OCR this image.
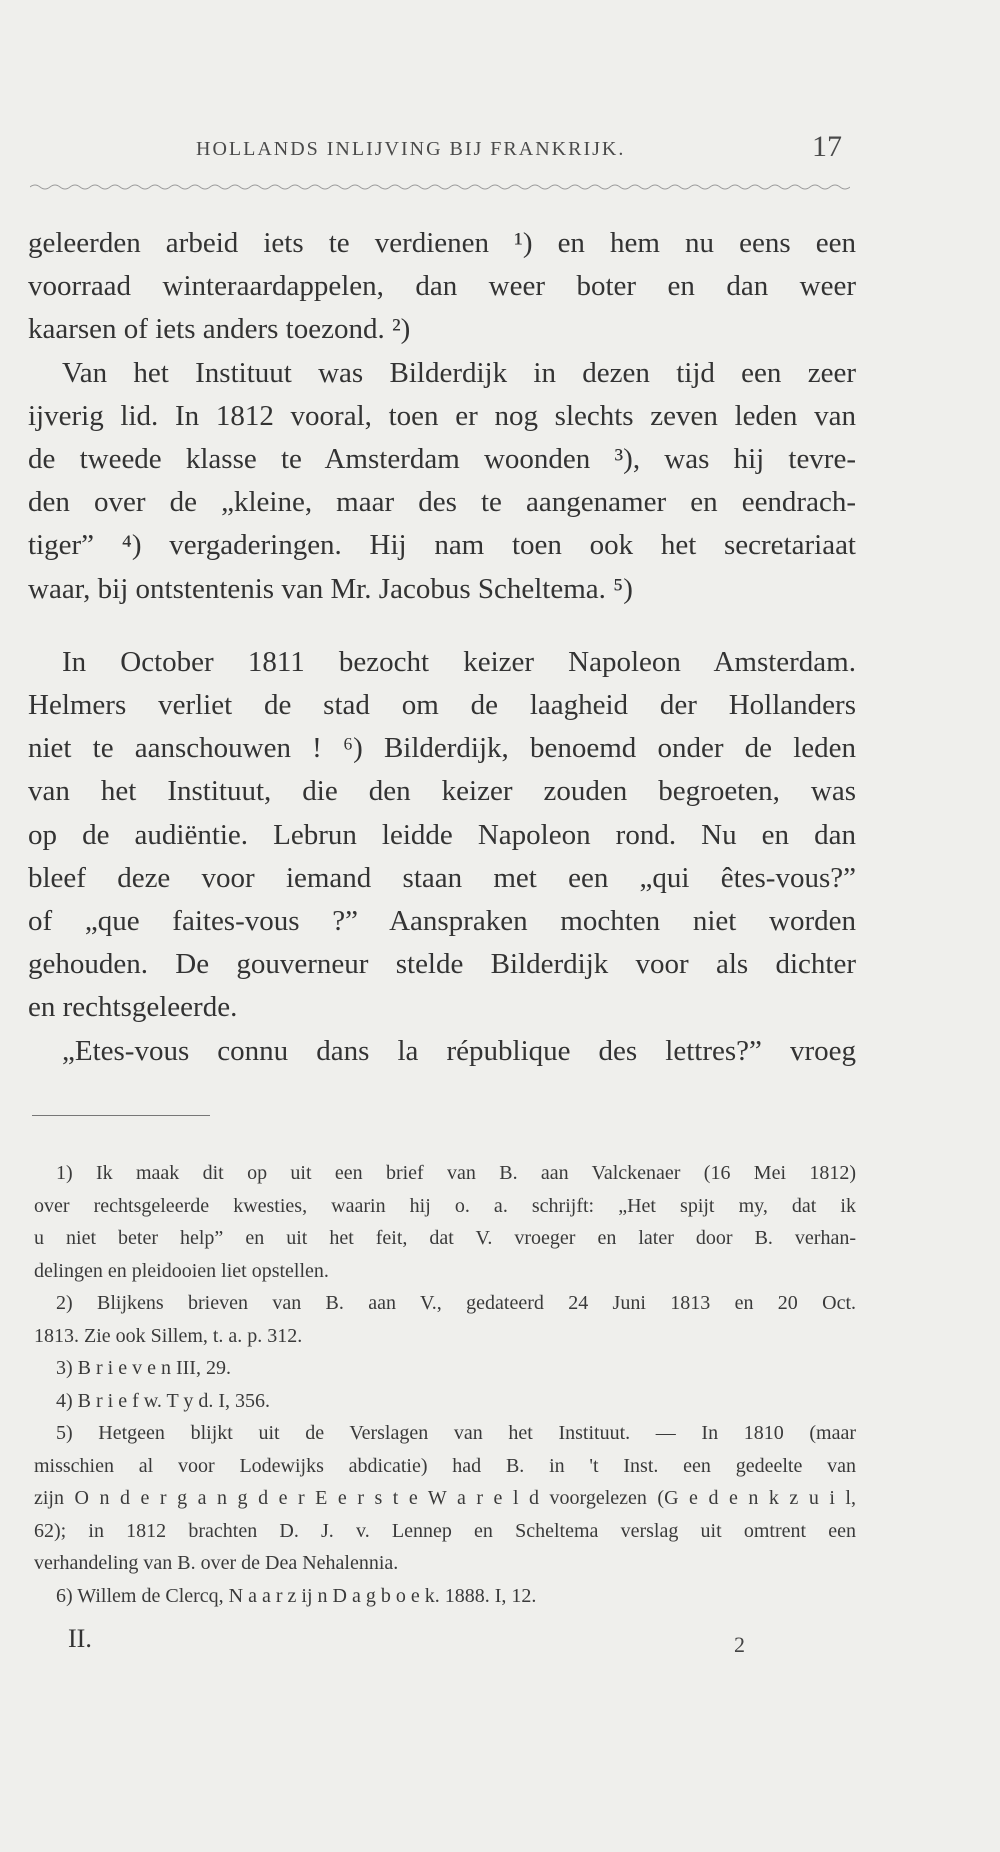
HOLLANDS INLIJVING BIJ FRANKRIJK.	17

geleerden arbeid iets te verdienen ¹) en hem nu eens een

voorraad winteraardappelen, dan weer boter en dan weer

kaarsen of iets anders toezond. ²)

Van het Instituut was Bilderdijk in dezen tijd een zeer

ijverig lid. In 1812 vooral, toen er nog slechts zeven leden van

de tweede klasse te Amsterdam woonden ³), was hij tevre-

den over de „kleine, maar des te aangenamer en eendrach-

tiger” ⁴) vergaderingen. Hij nam toen ook het secretariaat

waar, bij ontstentenis van Mr. Jacobus Scheltema. ⁵)

In October 1811 bezocht keizer Napoleon Amsterdam.

Helmers verliet de stad om de laagheid der Hollanders

niet te aanschouwen ! ⁶) Bilderdijk, benoemd onder de leden

van het Instituut, die den keizer zouden begroeten, was

op de audiëntie. Lebrun leidde Napoleon rond. Nu en dan

bleef deze voor iemand staan met een „qui êtes-vous?”

of „que faites-vous ?” Aanspraken mochten niet worden

gehouden. De gouverneur stelde Bilderdijk voor als dichter

en rechtsgeleerde.

„Etes-vous connu dans la république des lettres?” vroeg

1) Ik maak dit op uit een brief van B. aan Valckenaer (16 Mei 1812)

over rechtsgeleerde kwesties, waarin hij o. a. schrijft: „Het spijt my, dat ik

u niet beter help” en uit het feit, dat V. vroeger en later door B. verhan-

delingen en pleidooien liet opstellen.

2) Blijkens brieven van B. aan V., gedateerd 24 Juni 1813 en 20 Oct.

1813. Zie ook Sillem, t. a. p. 312.

3) B r i e v e n III, 29.

4) B r i e f w. T y d. I, 356.

5) Hetgeen blijkt uit de Verslagen van het Instituut. — In 1810 (maar

misschien al voor Lodewijks abdicatie) had B. in 't Inst. een gedeelte van

zijn O n d e r g a n g d e r E e r s t e W a r e l d voorgelezen (G e d e n k z u i l,

62); in 1812 brachten D. J. v. Lennep en Scheltema verslag uit omtrent een

verhandeling van B. over de Dea Nehalennia.

6) Willem de Clercq, N a a r z ij n D a g b o e k. 1888. I, 12.

II.	2
